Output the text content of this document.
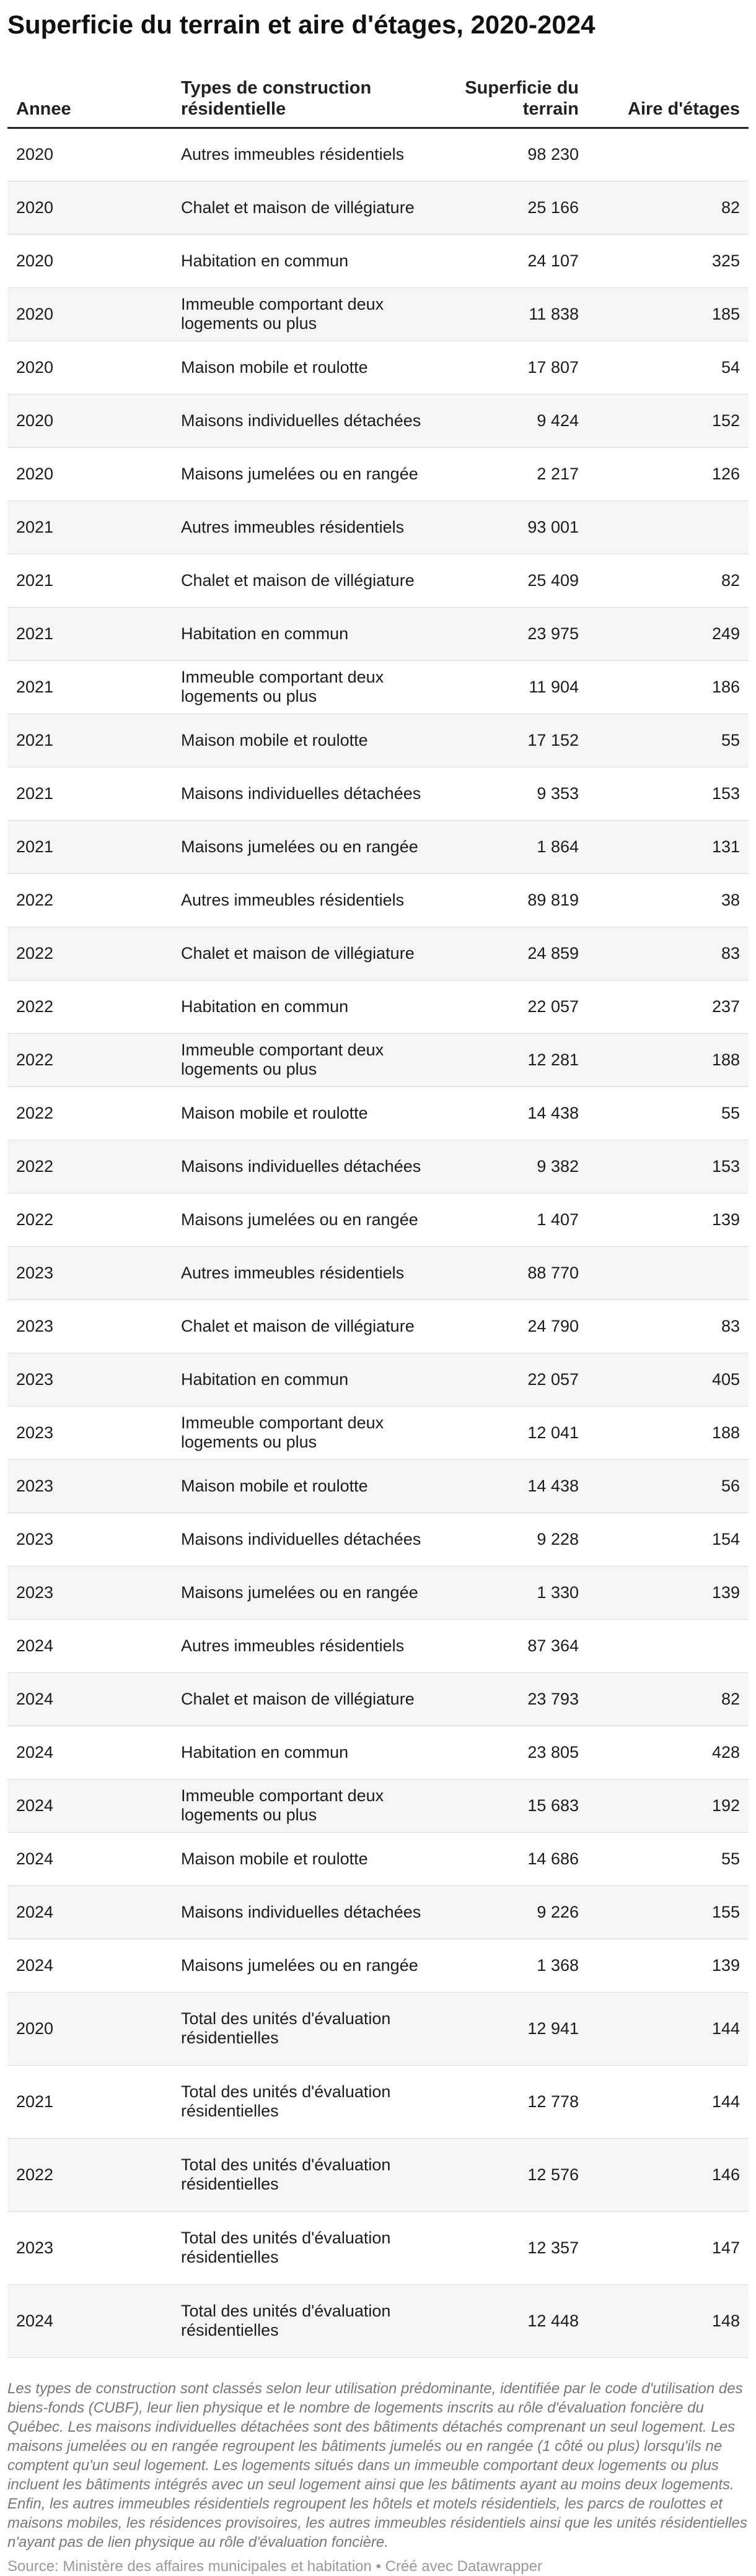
Superficie du terrain et aire d'étages, 2020-2024
Annee	Types de construction résidentielle	Superficie du terrain	Aire d'étages
2020	Autres immeubles résidentiels	98 230	
2020	Chalet et maison de villégiature	25 166	82
2020	Habitation en commun	24 107	325
2020	Immeuble comportant deux logements ou plus	11 838	185
2020	Maison mobile et roulotte	17 807	54
2020	Maisons individuelles détachées	9 424	152
2020	Maisons jumelées ou en rangée	2 217	126
2021	Autres immeubles résidentiels	93 001	
2021	Chalet et maison de villégiature	25 409	82
2021	Habitation en commun	23 975	249
2021	Immeuble comportant deux logements ou plus	11 904	186
2021	Maison mobile et roulotte	17 152	55
2021	Maisons individuelles détachées	9 353	153
2021	Maisons jumelées ou en rangée	1 864	131
2022	Autres immeubles résidentiels	89 819	38
2022	Chalet et maison de villégiature	24 859	83
2022	Habitation en commun	22 057	237
2022	Immeuble comportant deux logements ou plus	12 281	188
2022	Maison mobile et roulotte	14 438	55
2022	Maisons individuelles détachées	9 382	153
2022	Maisons jumelées ou en rangée	1 407	139
2023	Autres immeubles résidentiels	88 770	
2023	Chalet et maison de villégiature	24 790	83
2023	Habitation en commun	22 057	405
2023	Immeuble comportant deux logements ou plus	12 041	188
2023	Maison mobile et roulotte	14 438	56
2023	Maisons individuelles détachées	9 228	154
2023	Maisons jumelées ou en rangée	1 330	139
2024	Autres immeubles résidentiels	87 364	
2024	Chalet et maison de villégiature	23 793	82
2024	Habitation en commun	23 805	428
2024	Immeuble comportant deux logements ou plus	15 683	192
2024	Maison mobile et roulotte	14 686	55
2024	Maisons individuelles détachées	9 226	155
2024	Maisons jumelées ou en rangée	1 368	139
2020	Total des unités d'évaluation résidentielles	12 941	144
2021	Total des unités d'évaluation résidentielles	12 778	144
2022	Total des unités d'évaluation résidentielles	12 576	146
2023	Total des unités d'évaluation résidentielles	12 357	147
2024	Total des unités d'évaluation résidentielles	12 448	148
Les types de construction sont classés selon leur utilisation prédominante, identifiée par le code d'utilisation des biens-fonds (CUBF), leur lien physique et le nombre de logements inscrits au rôle d'évaluation foncière du Québec. Les maisons individuelles détachées sont des bâtiments détachés comprenant un seul logement. Les maisons jumelées ou en rangée regroupent les bâtiments jumelés ou en rangée (1 côté ou plus) lorsqu'ils ne comptent qu'un seul logement. Les logements situés dans un immeuble comportant deux logements ou plus incluent les bâtiments intégrés avec un seul logement ainsi que les bâtiments ayant au moins deux logements. Enfin, les autres immeubles résidentiels regroupent les hôtels et motels résidentiels, les parcs de roulottes et maisons mobiles, les résidences provisoires, les autres immeubles résidentiels ainsi que les unités résidentielles n'ayant pas de lien physique au rôle d'évaluation foncière.
Source: Ministère des affaires municipales et habitation • Créé avec Datawrapper
